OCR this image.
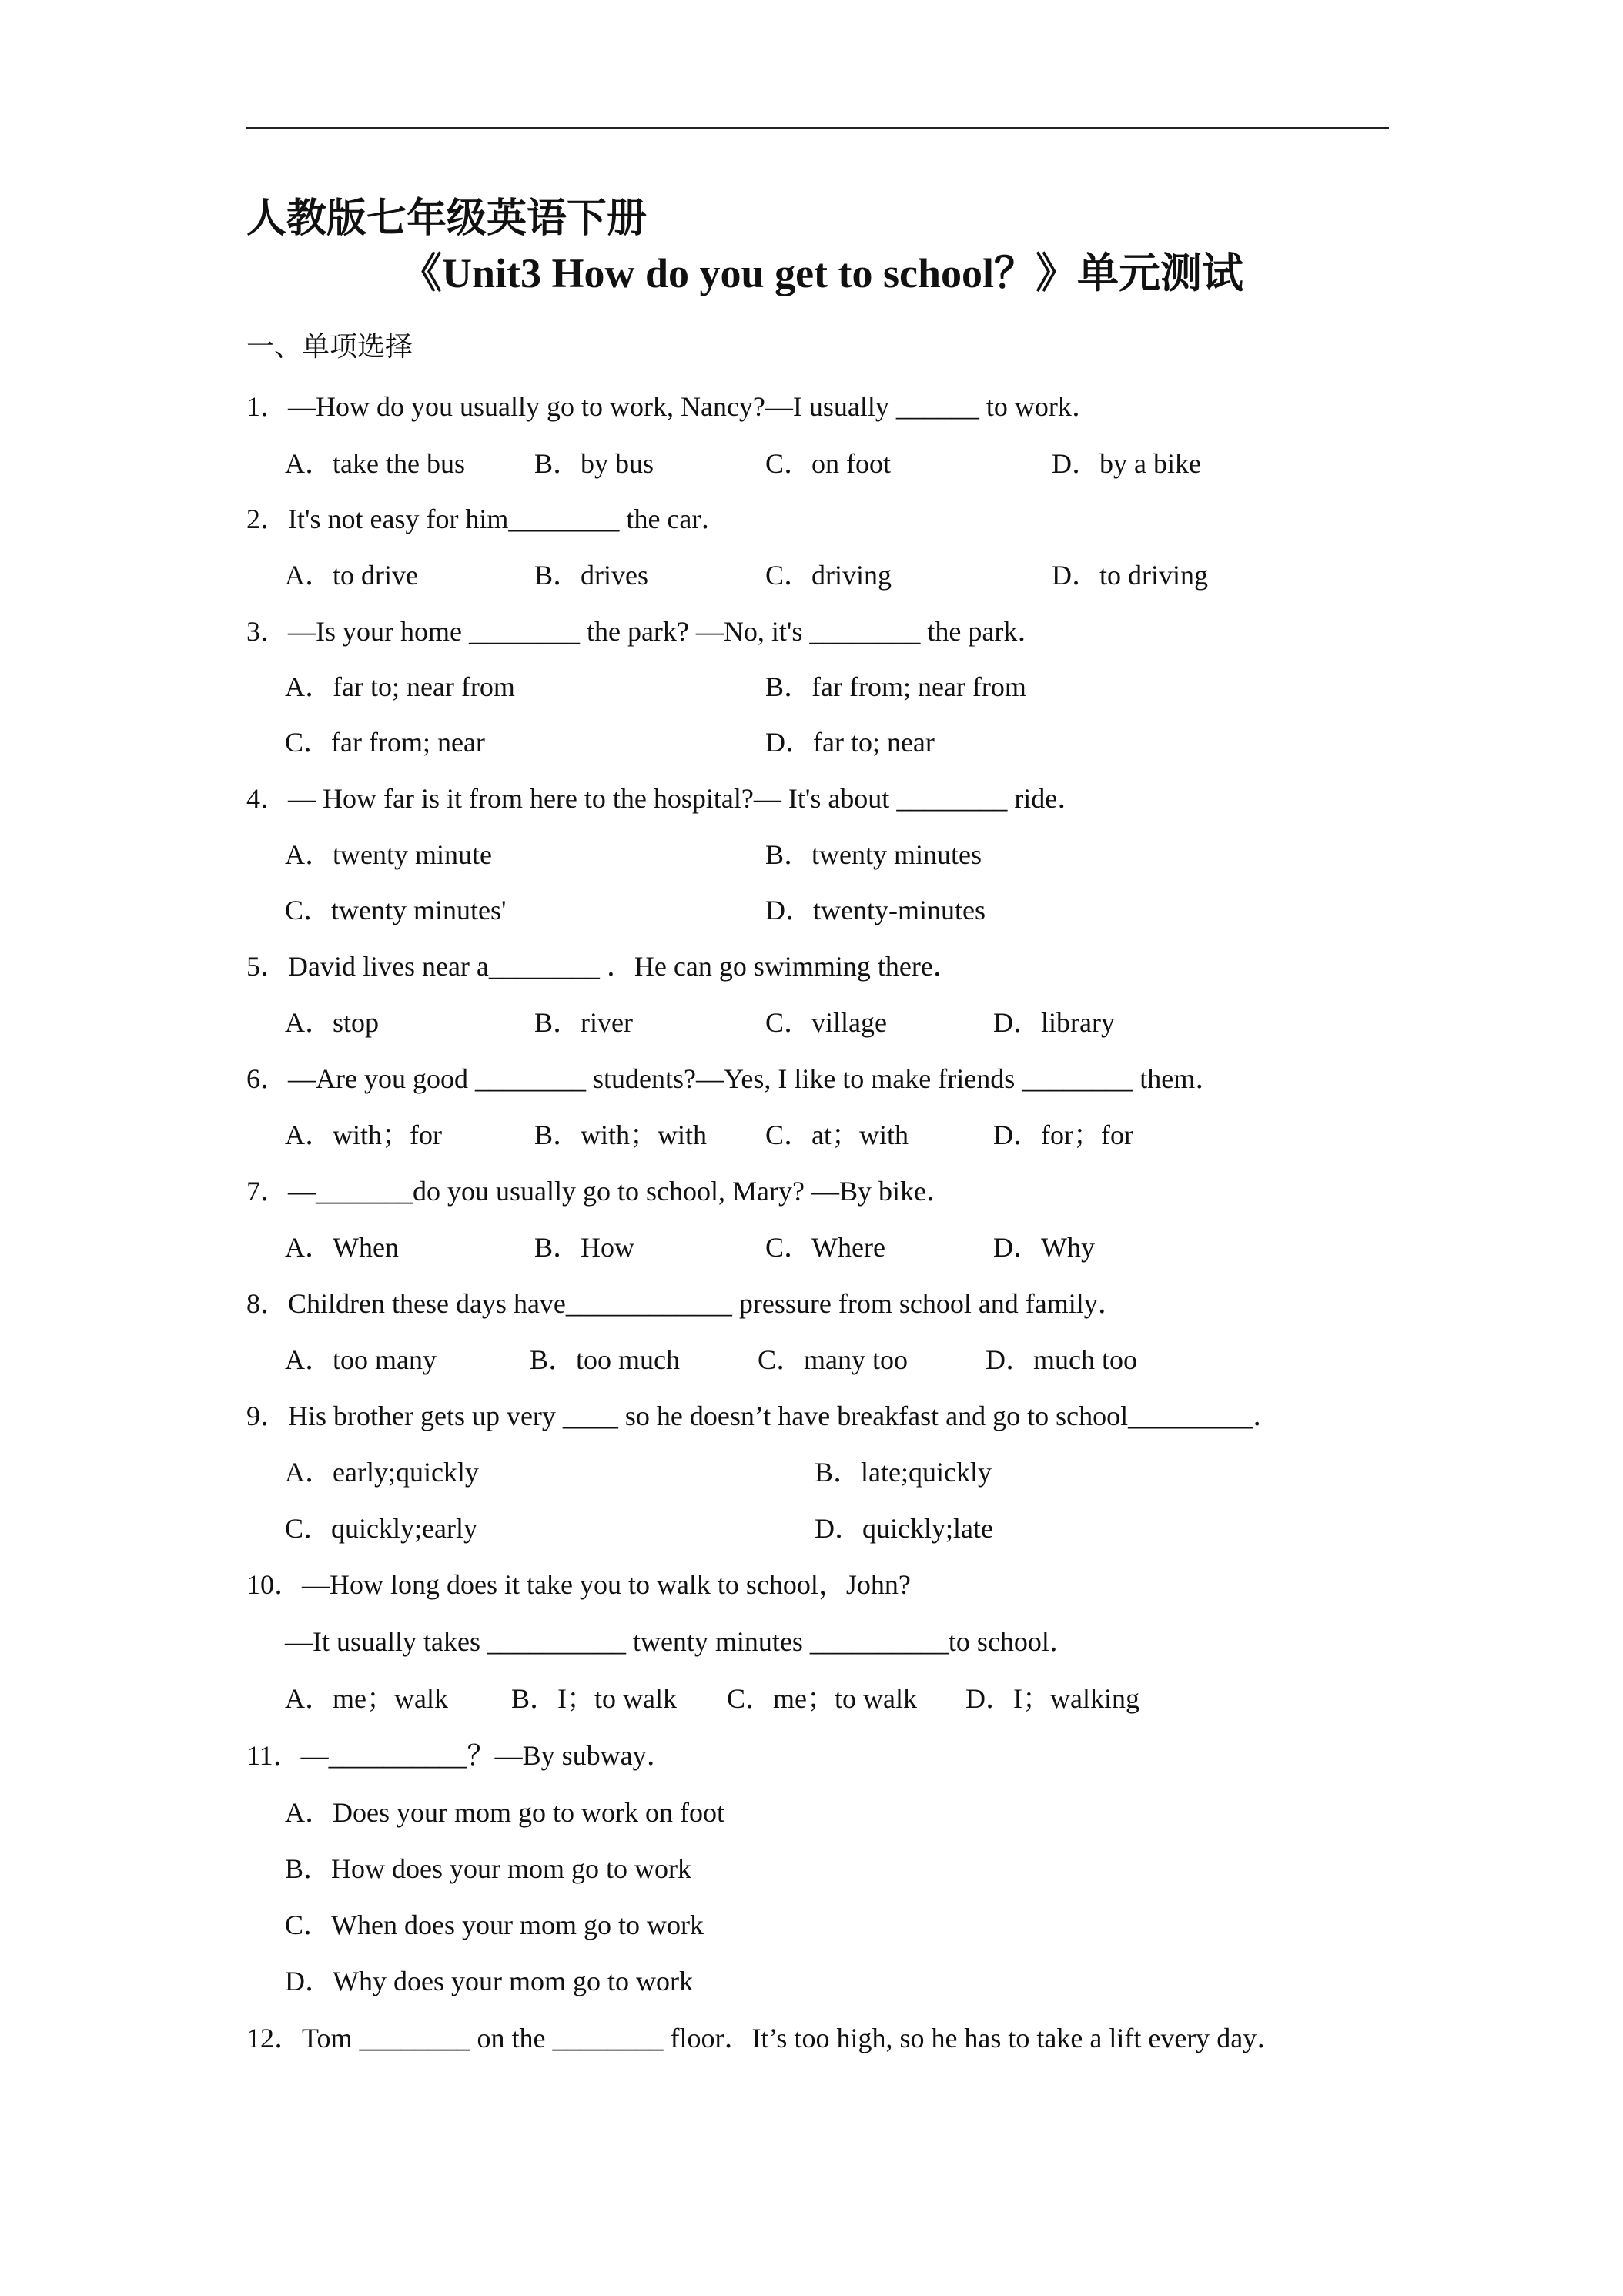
人教版七年级英语下册
《Unit3 How do you get to school？》单元测试
一、单项选择
1．—How do you usually go to work, Nancy?—I usually ______ to work．
A．take the bus	B．by bus	C．on foot	D．by a bike
2．It's not easy for him________ the car．
A．to drive	B．drives	C．driving	D．to driving
3．—Is your home ________ the park? —No, it's ________ the park．
A．far to; near from	B．far from; near from
C．far from; near	D．far to; near
4．— How far is it from here to the hospital?— It's about ________ ride．
A．twenty minute	B．twenty minutes
C．twenty minutes'	D．twenty-minutes
5．David lives near a________ ．He can go swimming there．
A．stop	B．river	C．village	D．library
6．—Are you good ________ students?—Yes, I like to make friends ________ them．
A．with；for	B．with；with C．at；with	D．for；for
7．—_______do you usually go to school, Mary? —By bike．
A．When	B．How	C．Where	D．Why
8．Children these days have____________ pressure from school and family．
A．too many	B．too much	C．many too	D．much too
9．His brother gets up very ____ so he doesn’t have breakfast and go to school_________．
A．early;quickly	B．late;quickly
C．quickly;early	D．quickly;late
10．—How long does it take you to walk to school，John?
—It usually takes __________ twenty minutes __________to school．
A．me；walk B．I；to walk C．me；to walk D．I；walking
11．—__________？—By subway．
A．Does your mom go to work on foot
B．How does your mom go to work
C．When does your mom go to work
D．Why does your mom go to work
12．Tom ________ on the ________ floor．It’s too high, so he has to take a lift every day．
